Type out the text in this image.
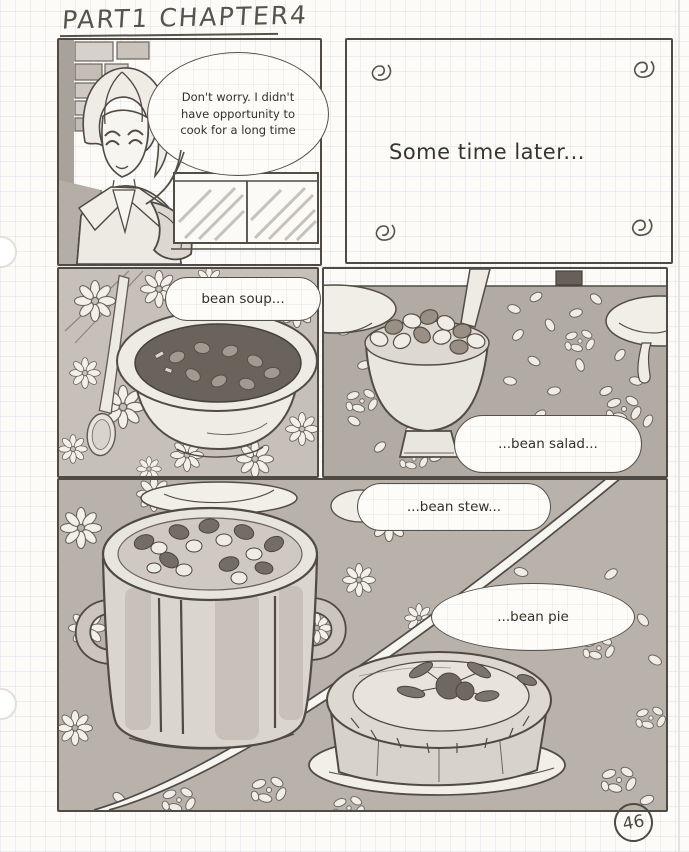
PART1 CHAPTER4
Don't worry. I didn't have opportunity to cook for a long time
Some time later...
bean soup...
...bean salad...
...bean stew...
...bean pie
46
